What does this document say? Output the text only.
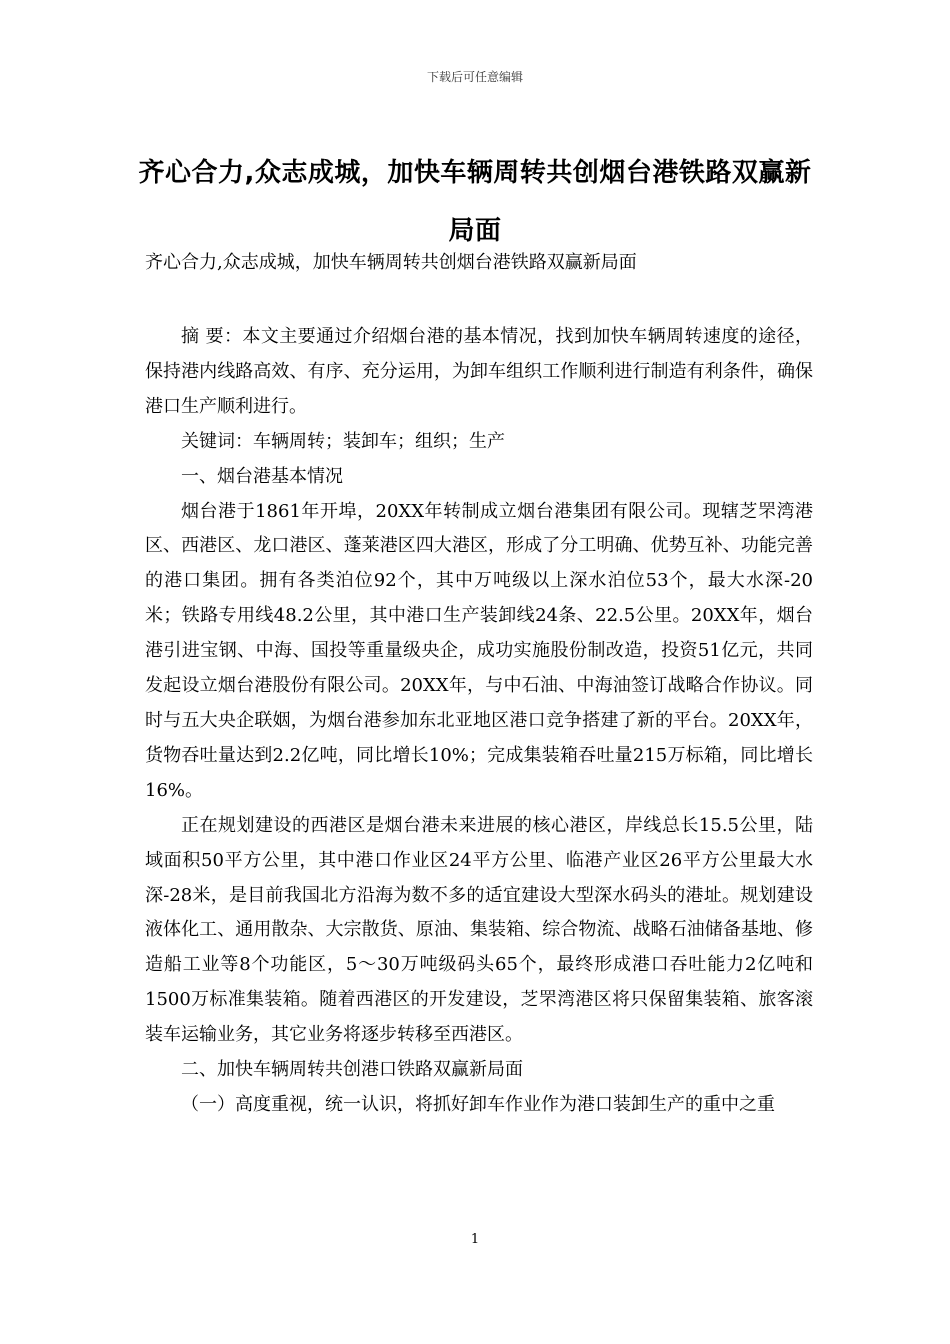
下载后可任意编辑
齐心合力,众志成城，加快车辆周转共创烟台港铁路双赢新局面
齐心合力,众志成城，加快车辆周转共创烟台港铁路双赢新局面

摘 要：本文主要通过介绍烟台港的基本情况，找到加快车辆周转速度的途径，保持港内线路高效、有序、充分运用，为卸车组织工作顺利进行制造有利条件，确保港口生产顺利进行。

关键词：车辆周转；装卸车；组织；生产

一、烟台港基本情况

烟台港于1861年开埠，20XX年转制成立烟台港集团有限公司。现辖芝罘湾港区、西港区、龙口港区、蓬莱港区四大港区，形成了分工明确、优势互补、功能完善的港口集团。拥有各类泊位92个，其中万吨级以上深水泊位53个，最大水深-20米；铁路专用线48.2公里，其中港口生产装卸线24条、22.5公里。20XX年，烟台港引进宝钢、中海、国投等重量级央企，成功实施股份制改造，投资51亿元，共同发起设立烟台港股份有限公司。20XX年，与中石油、中海油签订战略合作协议。同时与五大央企联姻，为烟台港参加东北亚地区港口竞争搭建了新的平台。20XX年，货物吞吐量达到2.2亿吨，同比增长10%；完成集装箱吞吐量215万标箱，同比增长16%。

正在规划建设的西港区是烟台港未来进展的核心港区，岸线总长15.5公里，陆域面积50平方公里，其中港口作业区24平方公里、临港产业区26平方公里最大水深-28米，是目前我国北方沿海为数不多的适宜建设大型深水码头的港址。规划建设液体化工、通用散杂、大宗散货、原油、集装箱、综合物流、战略石油储备基地、修造船工业等8个功能区，5～30万吨级码头65个，最终形成港口吞吐能力2亿吨和1500万标准集装箱。随着西港区的开发建设，芝罘湾港区将只保留集装箱、旅客滚装车运输业务，其它业务将逐步转移至西港区。

二、加快车辆周转共创港口铁路双赢新局面

（一）高度重视，统一认识，将抓好卸车作业作为港口装卸生产的重中之重

1
